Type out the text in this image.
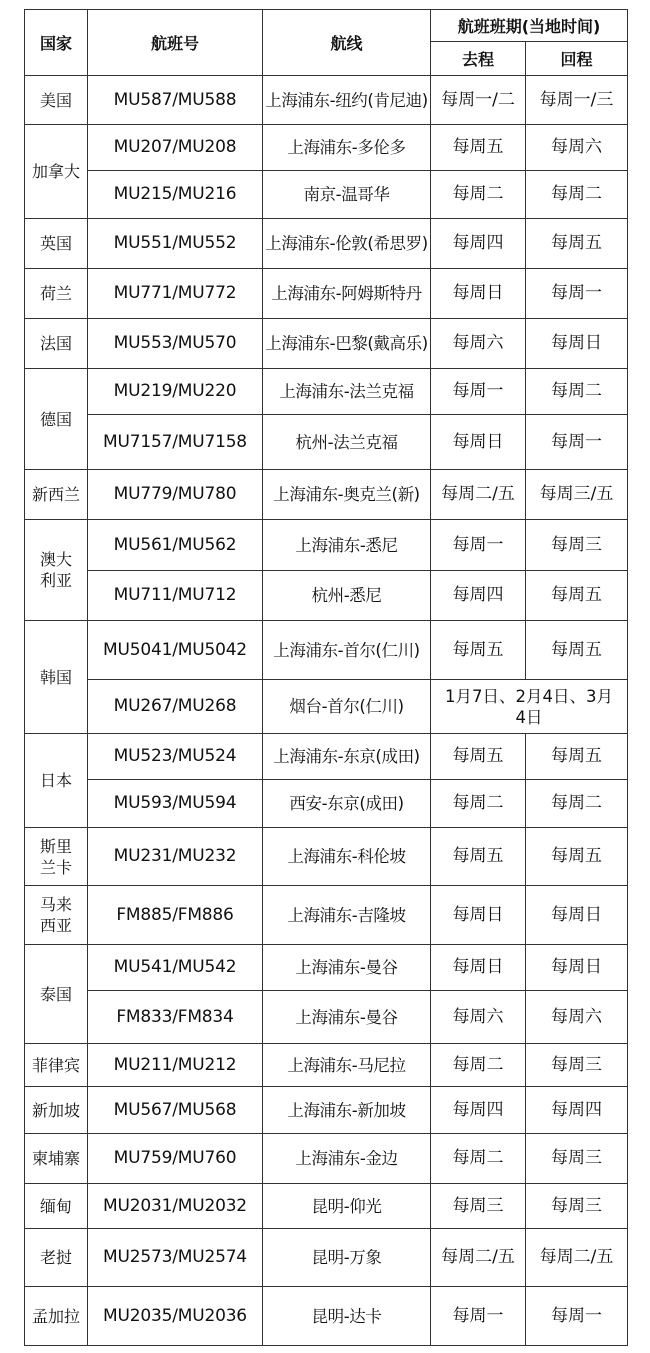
国家	航班号	航线	航班班期(当地时间)	
			去程	回程
美国	MU587/MU588	上海浦东-纽约(肯尼迪)	每周一/二	每周一/三
加拿大	MU207/MU208	上海浦东-多伦多	每周五	每周六
	MU215/MU216	南京-温哥华	每周二	每周二
英国	MU551/MU552	上海浦东-伦敦(希思罗)	每周四	每周五
荷兰	MU771/MU772	上海浦东-阿姆斯特丹	每周日	每周一
法国	MU553/MU570	上海浦东-巴黎(戴高乐)	每周六	每周日
德国	MU219/MU220	上海浦东-法兰克福	每周一	每周二
	MU7157/MU7158	杭州-法兰克福	每周日	每周一
新西兰	MU779/MU780	上海浦东-奥克兰(新)	每周二/五	每周三/五
澳大利亚	MU561/MU562	上海浦东-悉尼	每周一	每周三
	MU711/MU712	杭州-悉尼	每周四	每周五
韩国	MU5041/MU5042	上海浦东-首尔(仁川)	每周五	每周五
	MU267/MU268	烟台-首尔(仁川)	1月7日、2月4日、3月4日	
日本	MU523/MU524	上海浦东-东京(成田)	每周五	每周五
	MU593/MU594	西安-东京(成田)	每周二	每周二
斯里兰卡	MU231/MU232	上海浦东-科伦坡	每周五	每周五
马来西亚	FM885/FM886	上海浦东-吉隆坡	每周日	每周日
泰国	MU541/MU542	上海浦东-曼谷	每周日	每周日
	FM833/FM834	上海浦东-曼谷	每周六	每周六
菲律宾	MU211/MU212	上海浦东-马尼拉	每周二	每周三
新加坡	MU567/MU568	上海浦东-新加坡	每周四	每周四
柬埔寨	MU759/MU760	上海浦东-金边	每周二	每周三
缅甸	MU2031/MU2032	昆明-仰光	每周三	每周三
老挝	MU2573/MU2574	昆明-万象	每周二/五	每周二/五
孟加拉	MU2035/MU2036	昆明-达卡	每周一	每周一
